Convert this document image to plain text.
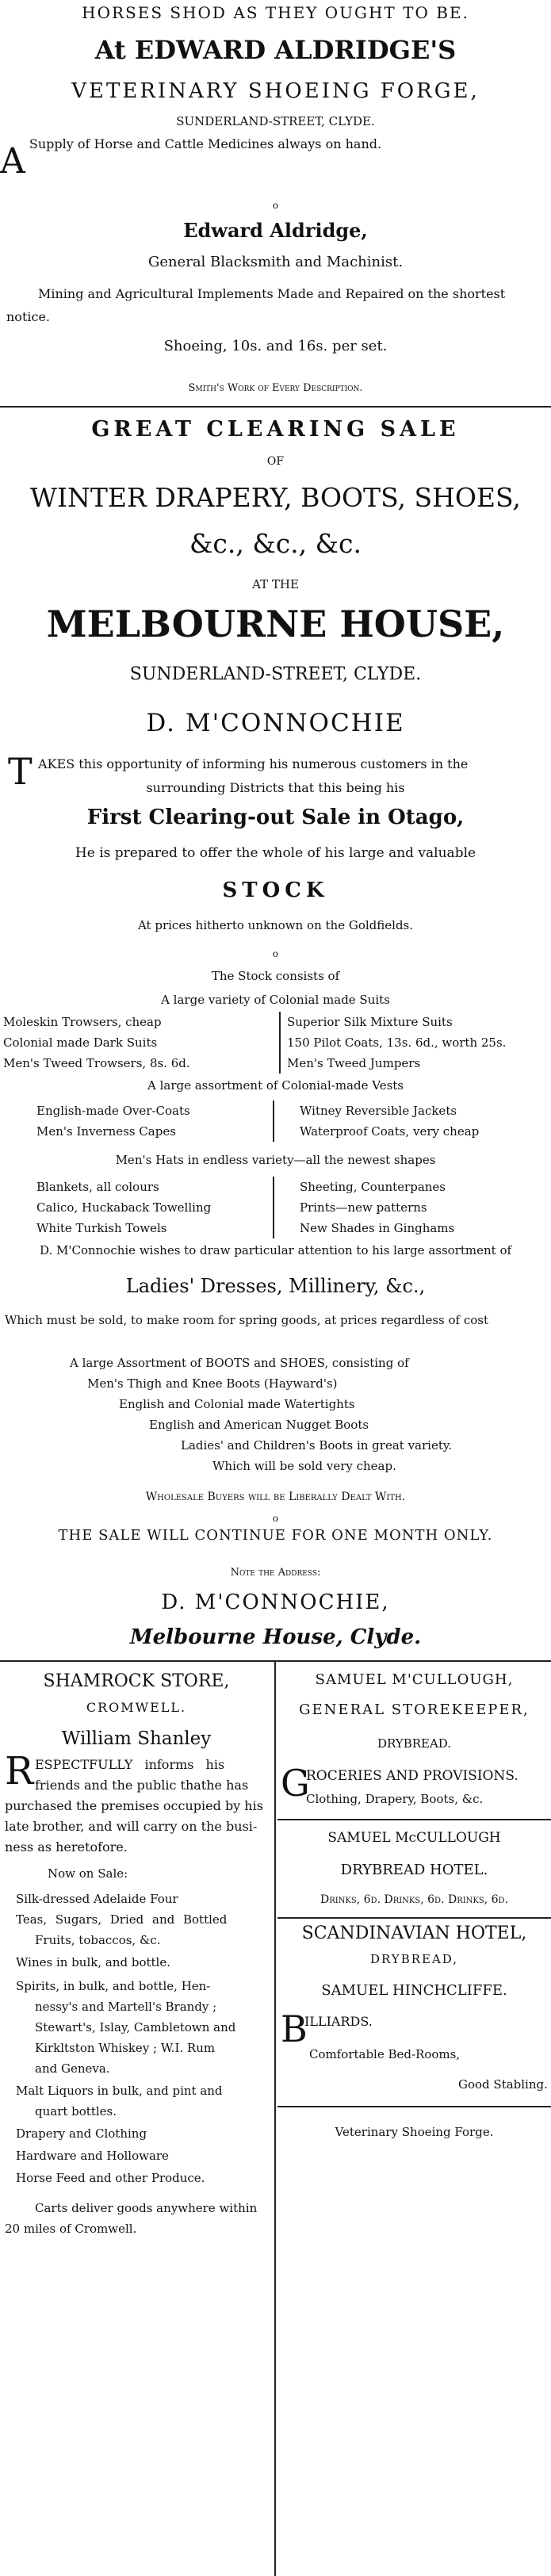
HORSES SHOD AS THEY OUGHT TO BE.
At EDWARD ALDRIDGE'S
VETERINARY SHOEING FORGE,
SUNDERLAND-STREET, CLYDE.
A Supply of Horse and Cattle Medicines always on hand.
o
Edward Aldridge,
General Blacksmith and Machinist.
Mining and Agricultural Implements Made and Repaired on the shortest notice.
Shoeing, 10s. and 16s. per set.
Smith's Work of Every Description.
GREAT CLEARING SALE
OF
WINTER DRAPERY, BOOTS, SHOES,
&c., &c., &c.
AT THE
MELBOURNE HOUSE,
SUNDERLAND-STREET, CLYDE.
D. M'CONNOCHIE
T AKES this opportunity of informing his numerous customers in the
surrounding Districts that this being his
First Clearing-out Sale in Otago,
He is prepared to offer the whole of his large and valuable
STOCK
At prices hitherto unknown on the Goldfields.
o
The Stock consists of
A large variety of Colonial made Suits
Moleskin Trowsers, cheap
Colonial made Dark Suits
Men's Tweed Trowsers, 8s. 6d.
Superior Silk Mixture Suits
150 Pilot Coats, 13s. 6d., worth 25s.
Men's Tweed Jumpers
A large assortment of Colonial-made Vests
English-made Over-Coats
Men's Inverness Capes
Witney Reversible Jackets
Waterproof Coats, very cheap
Men's Hats in endless variety—all the newest shapes
Blankets, all colours
Calico, Huckaback Towelling
White Turkish Towels
Sheeting, Counterpanes
Prints—new patterns
New Shades in Ginghams
D. M'Connochie wishes to draw particular attention to his large assortment of
Ladies' Dresses, Millinery, &c.,
Which must be sold, to make room for spring goods, at prices regardless of cost
A large Assortment of BOOTS and SHOES, consisting of
Men's Thigh and Knee Boots (Hayward's)
English and Colonial made Watertights
English and American Nugget Boots
Ladies' and Children's Boots in great variety.
Which will be sold very cheap.
Wholesale Buyers will be Liberally Dealt With.
o
THE SALE WILL CONTINUE FOR ONE MONTH ONLY.
Note the Address:
D. M'CONNOCHIE,
Melbourne House, Clyde.
SHAMROCK STORE,
CROMWELL.
William Shanley
R ESPECTFULLY informs his
friends and the public thathe has
purchased the premises occupied by his
late brother, and will carry on the busi-
ness as heretofore.
Now on Sale:
Silk-dressed Adelaide Four
Teas, Sugars, Dried and Bottled
Fruits, tobaccos, &c.
Wines in bulk, and bottle.
Spirits, in bulk, and bottle, Hen-
nessy's and Martell's Brandy ;
Stewart's, Islay, Cambletown and
Kirkltston Whiskey ; W.I. Rum
and Geneva.
Malt Liquors in bulk, and pint and
quart bottles.
Drapery and Clothing
Hardware and Holloware
Horse Feed and other Produce.
Carts deliver goods anywhere within
20 miles of Cromwell.
SAMUEL M'CULLOUGH,
GENERAL STOREKEEPER,
DRYBREAD.
G
ROCERIES AND PROVISIONS.
Clothing, Drapery, Boots, &c.
SAMUEL McCULLOUGH
DRYBREAD HOTEL.
Drinks, 6d. Drinks, 6d. Drinks, 6d.
SCANDINAVIAN HOTEL,
DRYBREAD,
SAMUEL HINCHCLIFFE.
B
ILLIARDS.
Comfortable Bed-Rooms,
Good Stabling.
Veterinary Shoeing Forge.
